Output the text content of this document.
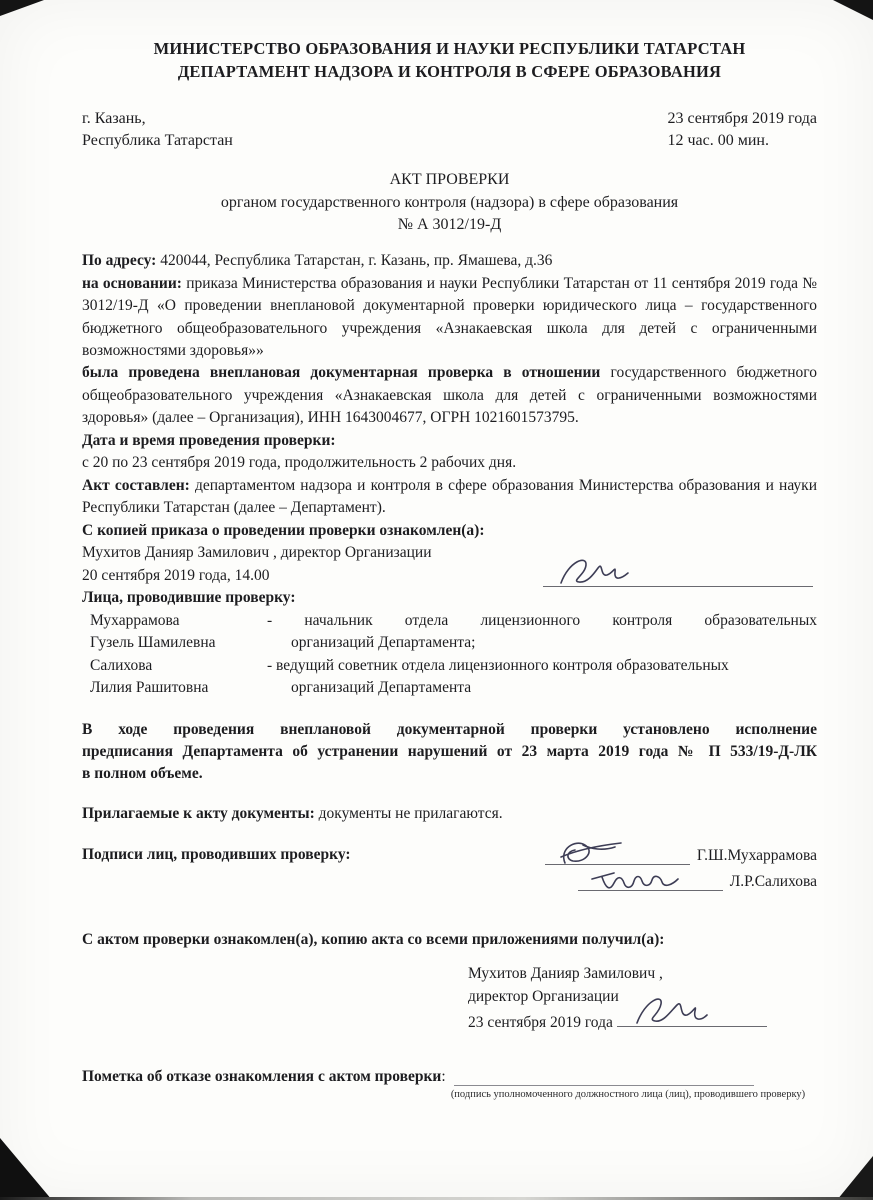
МИНИСТЕРСТВО ОБРАЗОВАНИЯ И НАУКИ РЕСПУБЛИКИ ТАТАРСТАН
ДЕПАРТАМЕНТ НАДЗОРА И КОНТРОЛЯ В СФЕРЕ ОБРАЗОВАНИЯ
г. Казань,
Республика Татарстан
23 сентября 2019 года
12 час. 00 мин.
АКТ ПРОВЕРКИ
органом государственного контроля (надзора) в сфере образования
№ А 3012/19-Д

По адресу: 420044, Республика Татарстан, г. Казань, пр. Ямашева, д.36

на основании: приказа Министерства образования и науки Республики Татарстан от 11 сентября 2019 года № 3012/19-Д «О проведении внеплановой документарной проверки юридического лица – государственного бюджетного общеобразовательного учреждения «Азнакаевская школа для детей с ограниченными возможностями здоровья»»

была проведена внеплановая документарная проверка в отношении государственного бюджетного общеобразовательного учреждения «Азнакаевская школа для детей с ограниченными возможностями здоровья» (далее – Организация), ИНН 1643004677, ОГРН 1021601573795.

Дата и время проведения проверки:

с 20 по 23 сентября 2019 года, продолжительность 2 рабочих дня.

Акт составлен: департаментом надзора и контроля в сфере образования Министерства образования и науки Республики Татарстан (далее – Департамент).

С копией приказа о проведении проверки ознакомлен(а):

Мухитов Данияр Замилович , директор Организации

20 сентября 2019 года, 14.00

Лица, проводившие проверку:

Мухаррамова
Гузель Шамилевна
- начальник отдела лицензионного контроля образовательных
организаций Департамента;
Салихова
Лилия Рашитовна
- ведущий советник отдела лицензионного контроля образовательных
организаций Департамента

В ходе проведения внеплановой документарной проверки установлено исполнение

предписания Департамента об устранении нарушений от 23 марта 2019 года № П 533/19-Д-ЛК

в полном объеме.

Прилагаемые к акту документы: документы не прилагаются.

Подписи лиц, проводивших проверку:	Г.Ш.Мухаррамова
Л.Р.Салихова

С актом проверки ознакомлен(а), копию акта со всеми приложениями получил(а):

Мухитов Данияр Замилович ,
директор Организации
23 сентября 2019 года
Пометка об отказе ознакомления с актом проверки:
(подпись уполномоченного должностного лица (лиц), проводившего проверку)
